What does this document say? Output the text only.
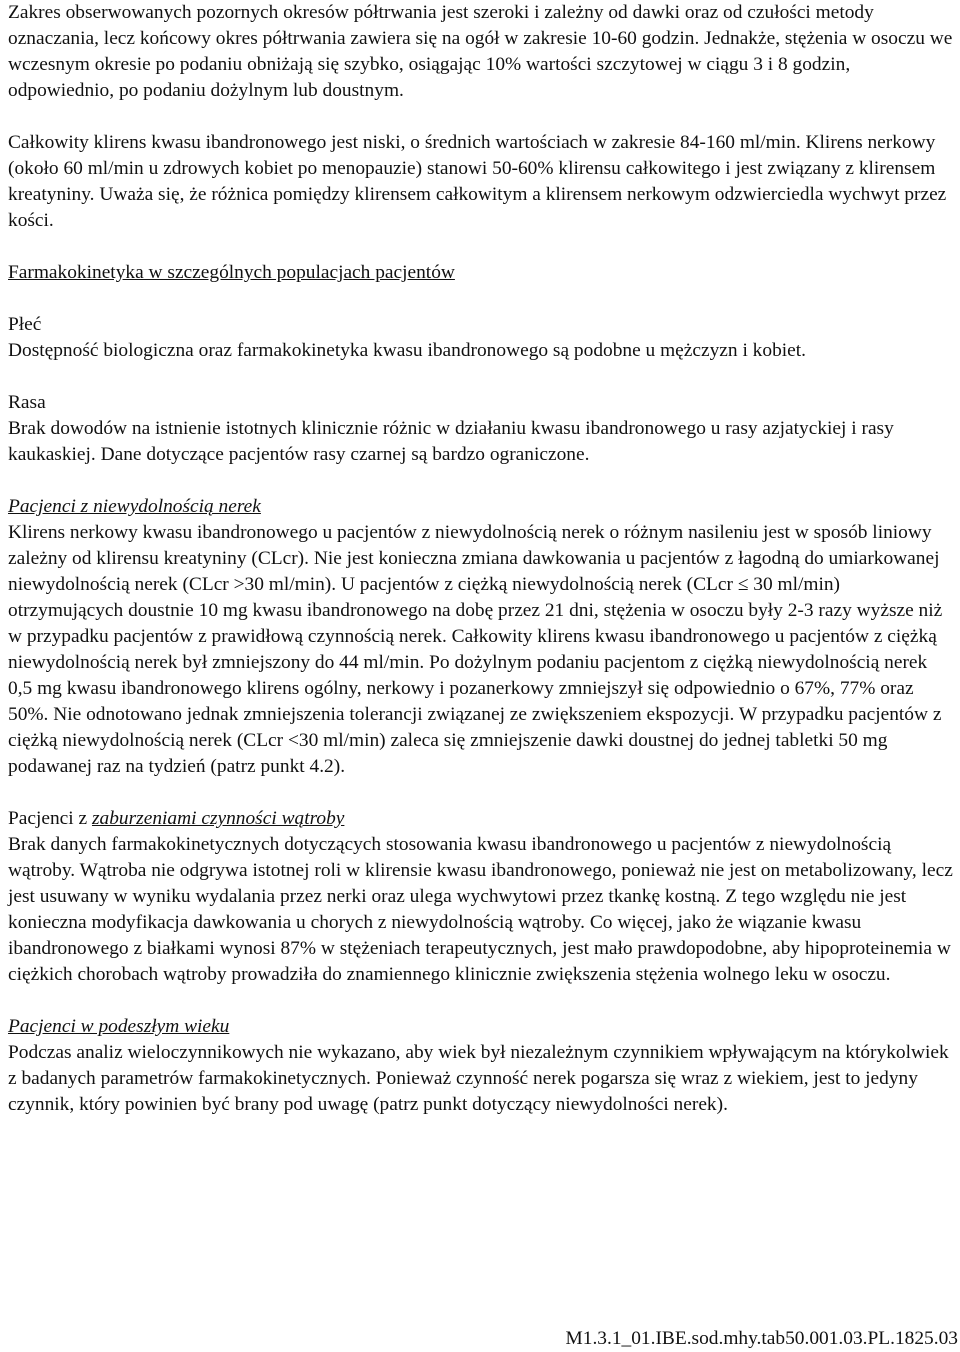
Zakres obserwowanych pozornych okresów półtrwania jest szeroki i zależny od dawki oraz od czułości metody oznaczania, lecz końcowy okres półtrwania zawiera się na ogół w zakresie 10-60 godzin. Jednakże, stężenia w osoczu we wczesnym okresie po podaniu obniżają się szybko, osiągając 10% wartości szczytowej w ciągu 3 i 8 godzin, odpowiednio, po podaniu dożylnym lub doustnym.

Całkowity klirens kwasu ibandronowego jest niski, o średnich wartościach w zakresie 84-160 ml/min. Klirens nerkowy (około 60 ml/min u zdrowych kobiet po menopauzie) stanowi 50-60% klirensu całkowitego i jest związany z klirensem kreatyniny. Uważa się, że różnica pomiędzy klirensem całkowitym a klirensem nerkowym odzwierciedla wychwyt przez kości.

Farmakokinetyka w szczególnych populacjach pacjentów

Płeć

Dostępność biologiczna oraz farmakokinetyka kwasu ibandronowego są podobne u mężczyzn i kobiet.

Rasa

Brak dowodów na istnienie istotnych klinicznie różnic w działaniu kwasu ibandronowego u rasy azjatyckiej i rasy kaukaskiej. Dane dotyczące pacjentów rasy czarnej są bardzo ograniczone.

Pacjenci z niewydolnością nerek

Klirens nerkowy kwasu ibandronowego u pacjentów z niewydolnością nerek o różnym nasileniu jest w sposób liniowy zależny od klirensu kreatyniny (CLcr). Nie jest konieczna zmiana dawkowania u pacjentów z łagodną do umiarkowanej niewydolnością nerek (CLcr >30 ml/min). U pacjentów z ciężką niewydolnością nerek (CLcr ≤ 30 ml/min) otrzymujących doustnie 10 mg kwasu ibandronowego na dobę przez 21 dni, stężenia w osoczu były 2-3 razy wyższe niż w przypadku pacjentów z prawidłową czynnością nerek. Całkowity klirens kwasu ibandronowego u pacjentów z ciężką niewydolnością nerek był zmniejszony do 44 ml/min. Po dożylnym podaniu pacjentom z ciężką niewydolnością nerek 0,5 mg kwasu ibandronowego klirens ogólny, nerkowy i pozanerkowy zmniejszył się odpowiednio o 67%, 77% oraz 50%. Nie odnotowano jednak zmniejszenia tolerancji związanej ze zwiększeniem ekspozycji. W przypadku pacjentów z ciężką niewydolnością nerek (CLcr <30 ml/min) zaleca się zmniejszenie dawki doustnej do jednej tabletki 50 mg podawanej raz na tydzień (patrz punkt 4.2).

Pacjenci z zaburzeniami czynności wątroby

Brak danych farmakokinetycznych dotyczących stosowania kwasu ibandronowego u pacjentów z niewydolnością wątroby. Wątroba nie odgrywa istotnej roli w klirensie kwasu ibandronowego, ponieważ nie jest on metabolizowany, lecz jest usuwany w wyniku wydalania przez nerki oraz ulega wychwytowi przez tkankę kostną. Z tego względu nie jest konieczna modyfikacja dawkowania u chorych z niewydolnością wątroby. Co więcej, jako że wiązanie kwasu ibandronowego z białkami wynosi 87% w stężeniach terapeutycznych, jest mało prawdopodobne, aby hipoproteinemia w ciężkich chorobach wątroby prowadziła do znamiennego klinicznie zwiększenia stężenia wolnego leku w osoczu.

Pacjenci w podeszłym wieku

Podczas analiz wieloczynnikowych nie wykazano, aby wiek był niezależnym czynnikiem wpływającym na którykolwiek z badanych parametrów farmakokinetycznych. Ponieważ czynność nerek pogarsza się wraz z wiekiem, jest to jedyny czynnik, który powinien być brany pod uwagę (patrz punkt dotyczący niewydolności nerek).

M1.3.1_01.IBE.sod.mhy.tab50.001.03.PL.1825.03
